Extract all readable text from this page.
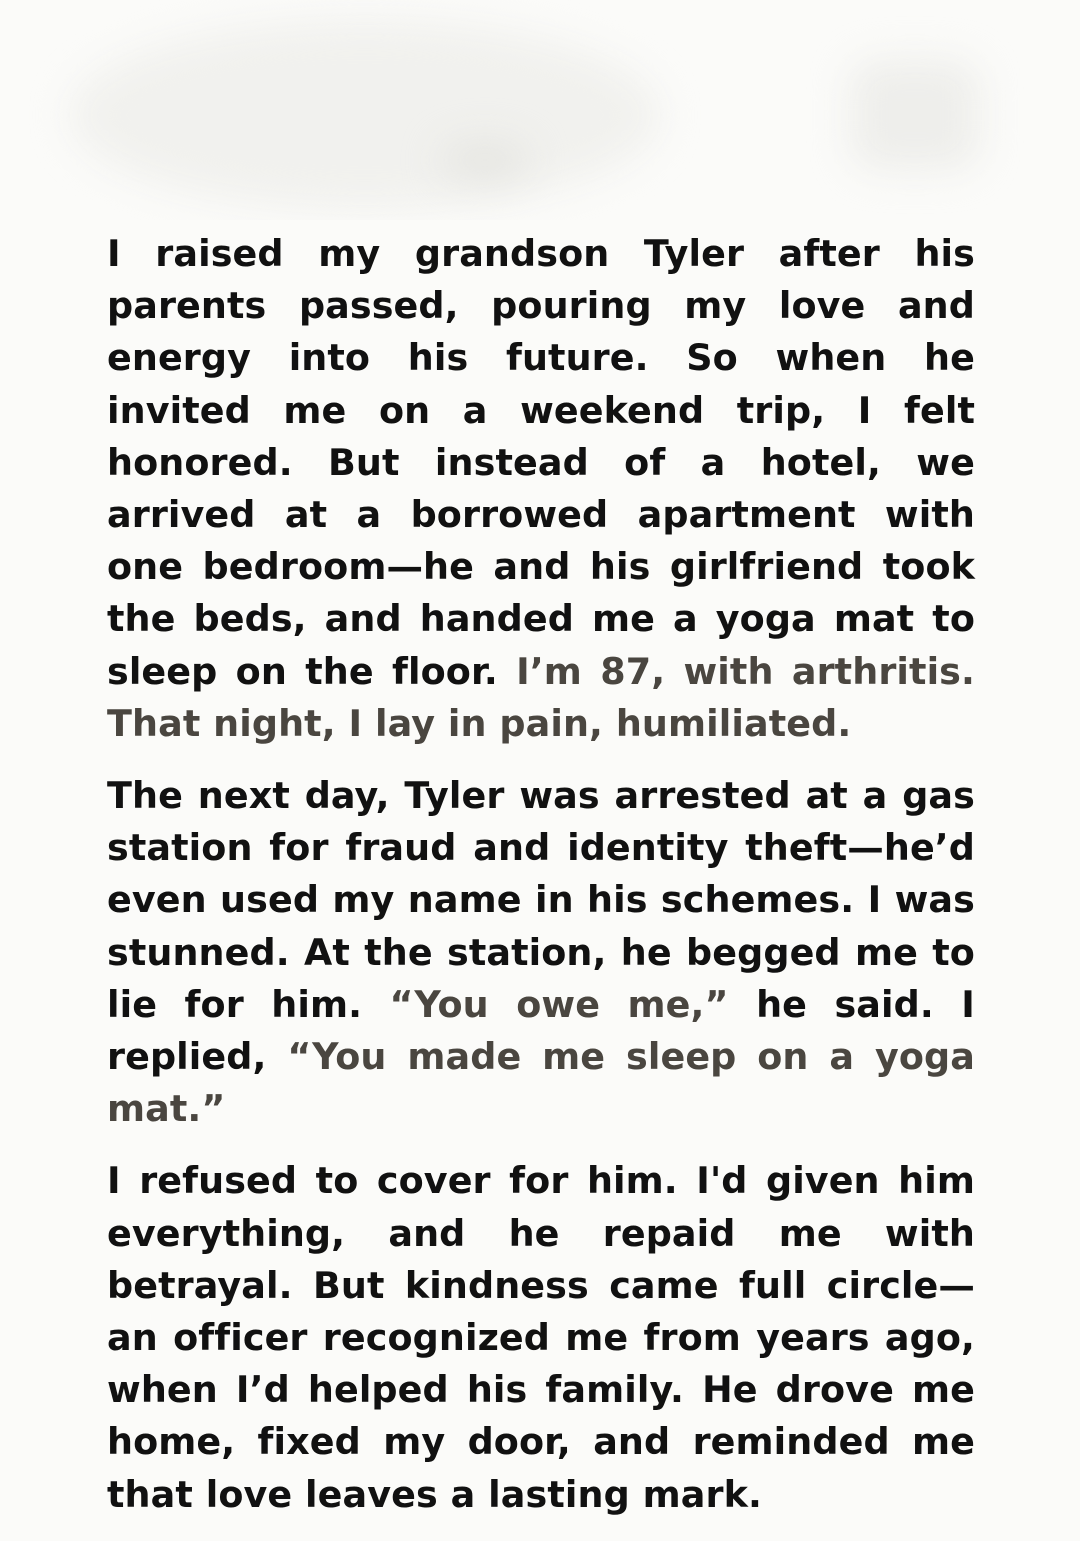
I raised my grandson Tyler after his parents passed, pouring my love and energy into his future. So when he invited me on a weekend trip, I felt honored. But instead of a hotel, we arrived at a borrowed apartment with one bedroom—he and his girlfriend took the beds, and handed me a yoga mat to sleep on the floor. I’m 87, with arthritis. That night, I lay in pain, humiliated.

The next day, Tyler was arrested at a gas station for fraud and identity theft—he’d even used my name in his schemes. I was stunned. At the station, he begged me to lie for him. “You owe me,” he said. I replied, “You made me sleep on a yoga mat.”

I refused to cover for him. I'd given him everything, and he repaid me with betrayal. But kindness came full circle—an officer recognized me from years ago, when I’d helped his family. He drove me home, fixed my door, and reminded me that love leaves a lasting mark.
